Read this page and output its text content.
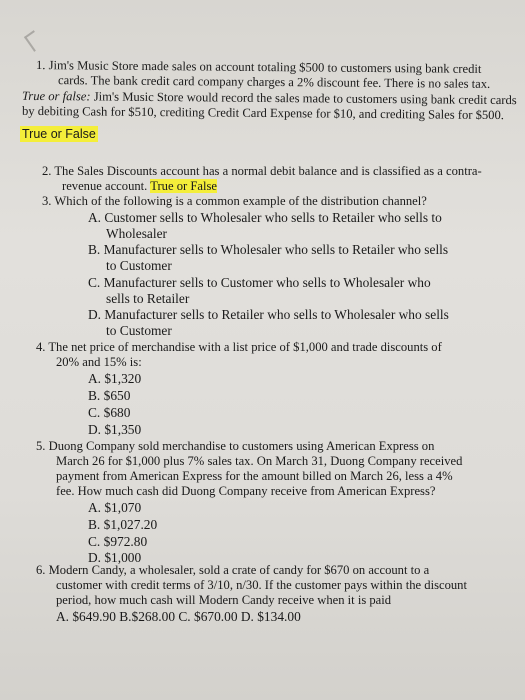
1. Jim's Music Store made sales on account totaling $500 to customers using bank credit
cards. The bank credit card company charges a 2% discount fee. There is no sales tax.
True or false: Jim's Music Store would record the sales made to customers using bank credit cards
by debiting Cash for $510, crediting Credit Card Expense for $10, and crediting Sales for $500.
True or False
2. The Sales Discounts account has a normal debit balance and is classified as a contra-
revenue account. True or False
3. Which of the following is a common example of the distribution channel?
A. Customer sells to Wholesaler who sells to Retailer who sells to
Wholesaler
B. Manufacturer sells to Wholesaler who sells to Retailer who sells
to Customer
C. Manufacturer sells to Customer who sells to Wholesaler who
sells to Retailer
D. Manufacturer sells to Retailer who sells to Wholesaler who sells
to Customer
4. The net price of merchandise with a list price of $1,000 and trade discounts of
20% and 15% is:
A. $1,320
B. $650
C. $680
D. $1,350
5. Duong Company sold merchandise to customers using American Express on
March 26 for $1,000 plus 7% sales tax. On March 31, Duong Company received
payment from American Express for the amount billed on March 26, less a 4%
fee. How much cash did Duong Company receive from American Express?
A. $1,070
B. $1,027.20
C. $972.80
D. $1,000
6. Modern Candy, a wholesaler, sold a crate of candy for $670 on account to a
customer with credit terms of 3/10, n/30. If the customer pays within the discount
period, how much cash will Modern Candy receive when it is paid
A. $649.90 B.$268.00 C. $670.00 D. $134.00
